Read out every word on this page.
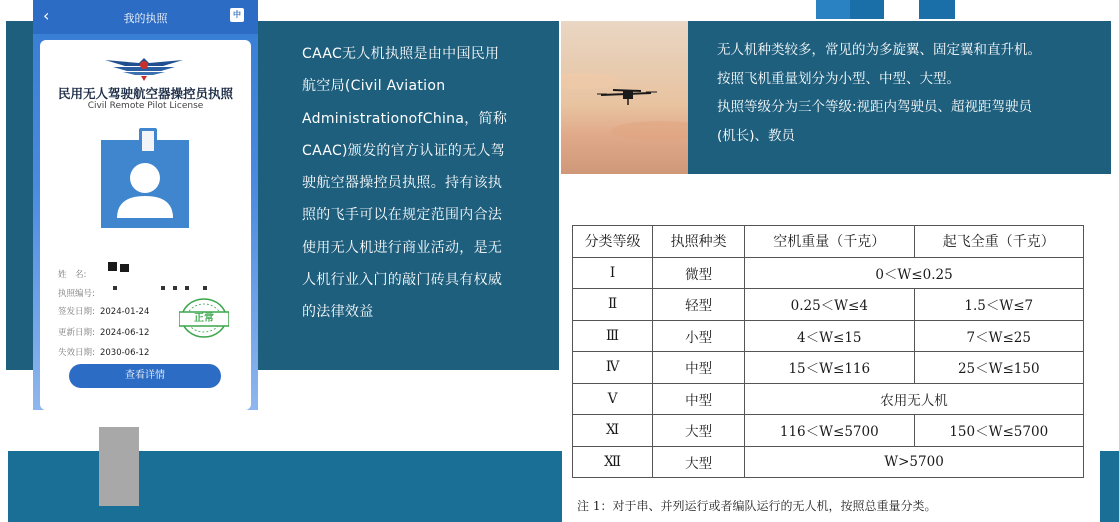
‹	我的执照	中
民用无人驾驶航空器操控员执照
Civil Remote Pilot License
姓　名:
执照编号:
签发日期: 2024-01-24
更新日期: 2024-06-12
失效日期: 2030-06-12
正常
查看详情
CAAC无人机执照是由中国民用
航空局(Civil Aviation
AdministrationofChina，简称
CAAC)颁发的官方认证的无人驾
驶航空器操控员执照。持有该执
照的飞手可以在规定范围内合法
使用无人机进行商业活动，是无
人机行业入门的敲门砖具有权威
的法律效益
无人机种类较多，常见的为多旋翼、固定翼和直升机。
按照飞机重量划分为小型、中型、大型。
执照等级分为三个等级:视距内驾驶员、超视距驾驶员
(机长)、教员
分类等级	执照种类	空机重量（千克）	起飞全重（千克）
I	微型	0＜W≤0.25	
Ⅱ	轻型	0.25＜W≤4	1.5＜W≤7
Ⅲ	小型	4＜W≤15	7＜W≤25
Ⅳ	中型	15＜W≤116	25＜W≤150
Ⅴ	中型	农用无人机	
Ⅺ	大型	116＜W≤5700	150＜W≤5700
Ⅻ	大型	W>5700	
注 1：对于串、并列运行或者编队运行的无人机，按照总重量分类。
